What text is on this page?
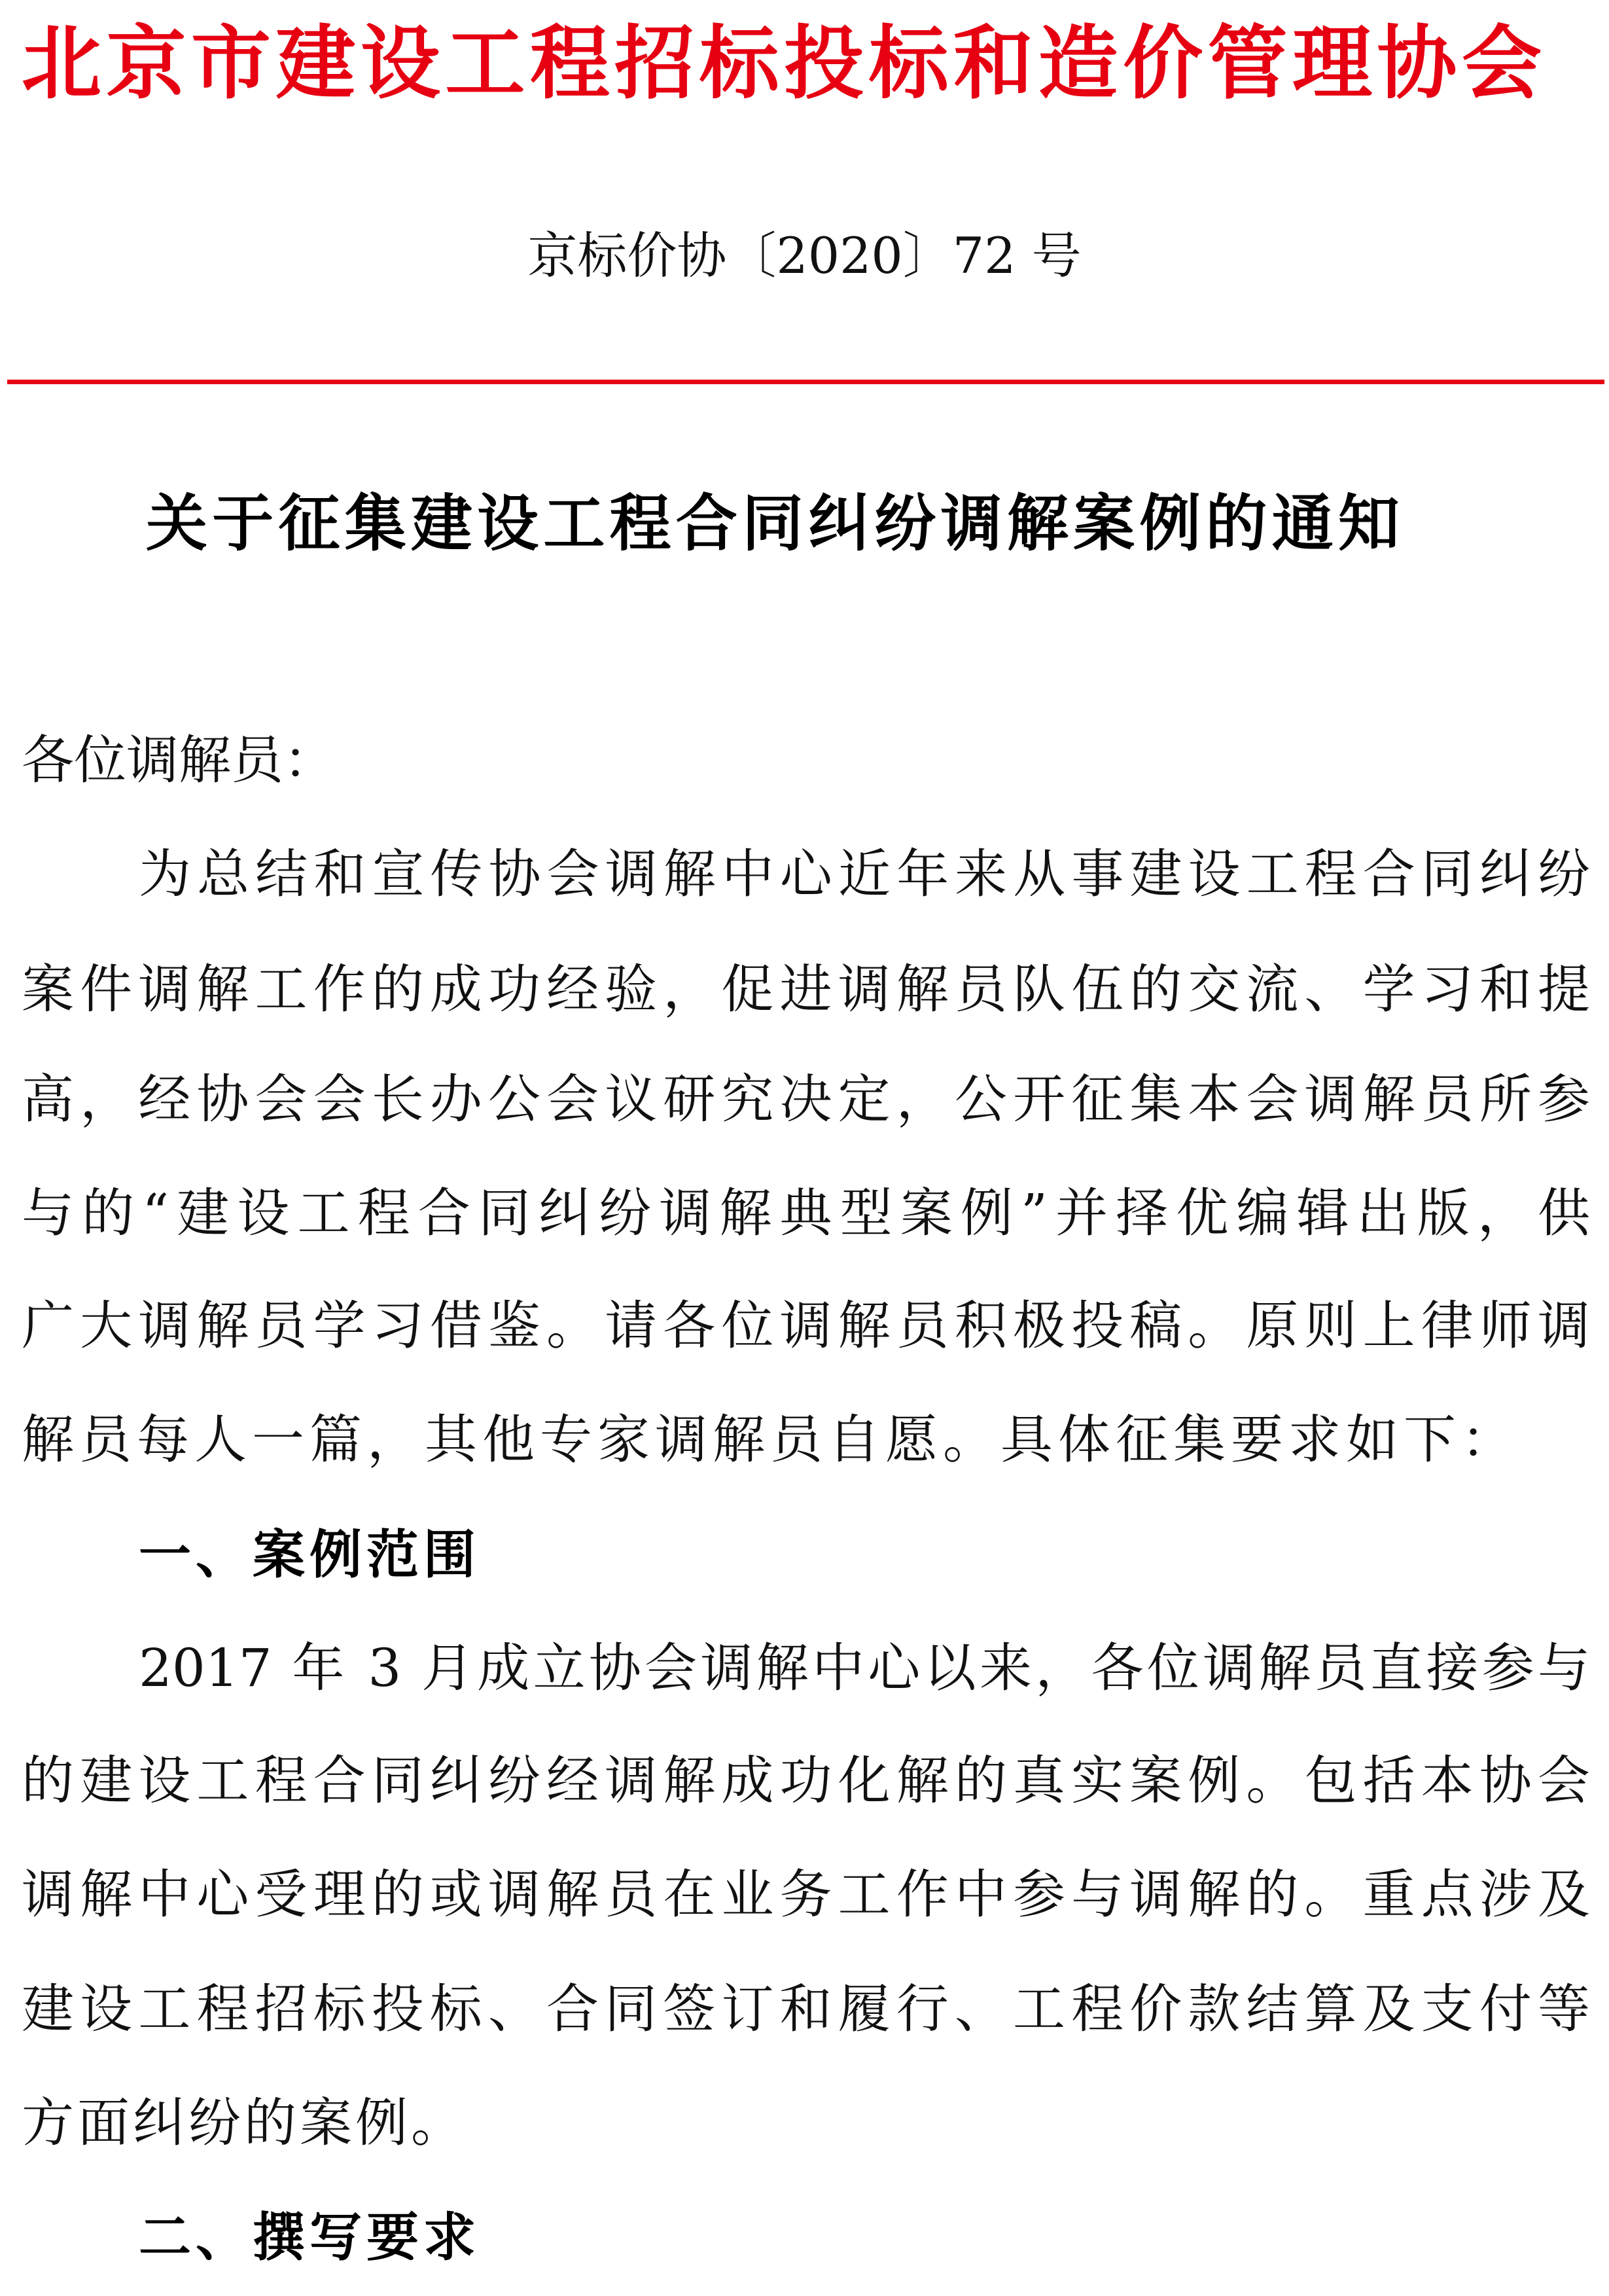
北京市建设工程招标投标和造价管理协会
京标价协〔2020〕72 号
关于征集建设工程合同纠纷调解案例的通知
各位调解员：
为总结和宣传协会调解中心近年来从事建设工程合同纠纷
案件调解工作的成功经验，促进调解员队伍的交流、学习和提
高，经协会会长办公会议研究决定，公开征集本会调解员所参
与的“建设工程合同纠纷调解典型案例”并择优编辑出版，供
广大调解员学习借鉴。请各位调解员积极投稿。原则上律师调
解员每人一篇，其他专家调解员自愿。具体征集要求如下：
一、案例范围
2017 年 3 月成立协会调解中心以来，各位调解员直接参与
的建设工程合同纠纷经调解成功化解的真实案例。包括本协会
调解中心受理的或调解员在业务工作中参与调解的。重点涉及
建设工程招标投标、合同签订和履行、工程价款结算及支付等
方面纠纷的案例。
二、撰写要求
